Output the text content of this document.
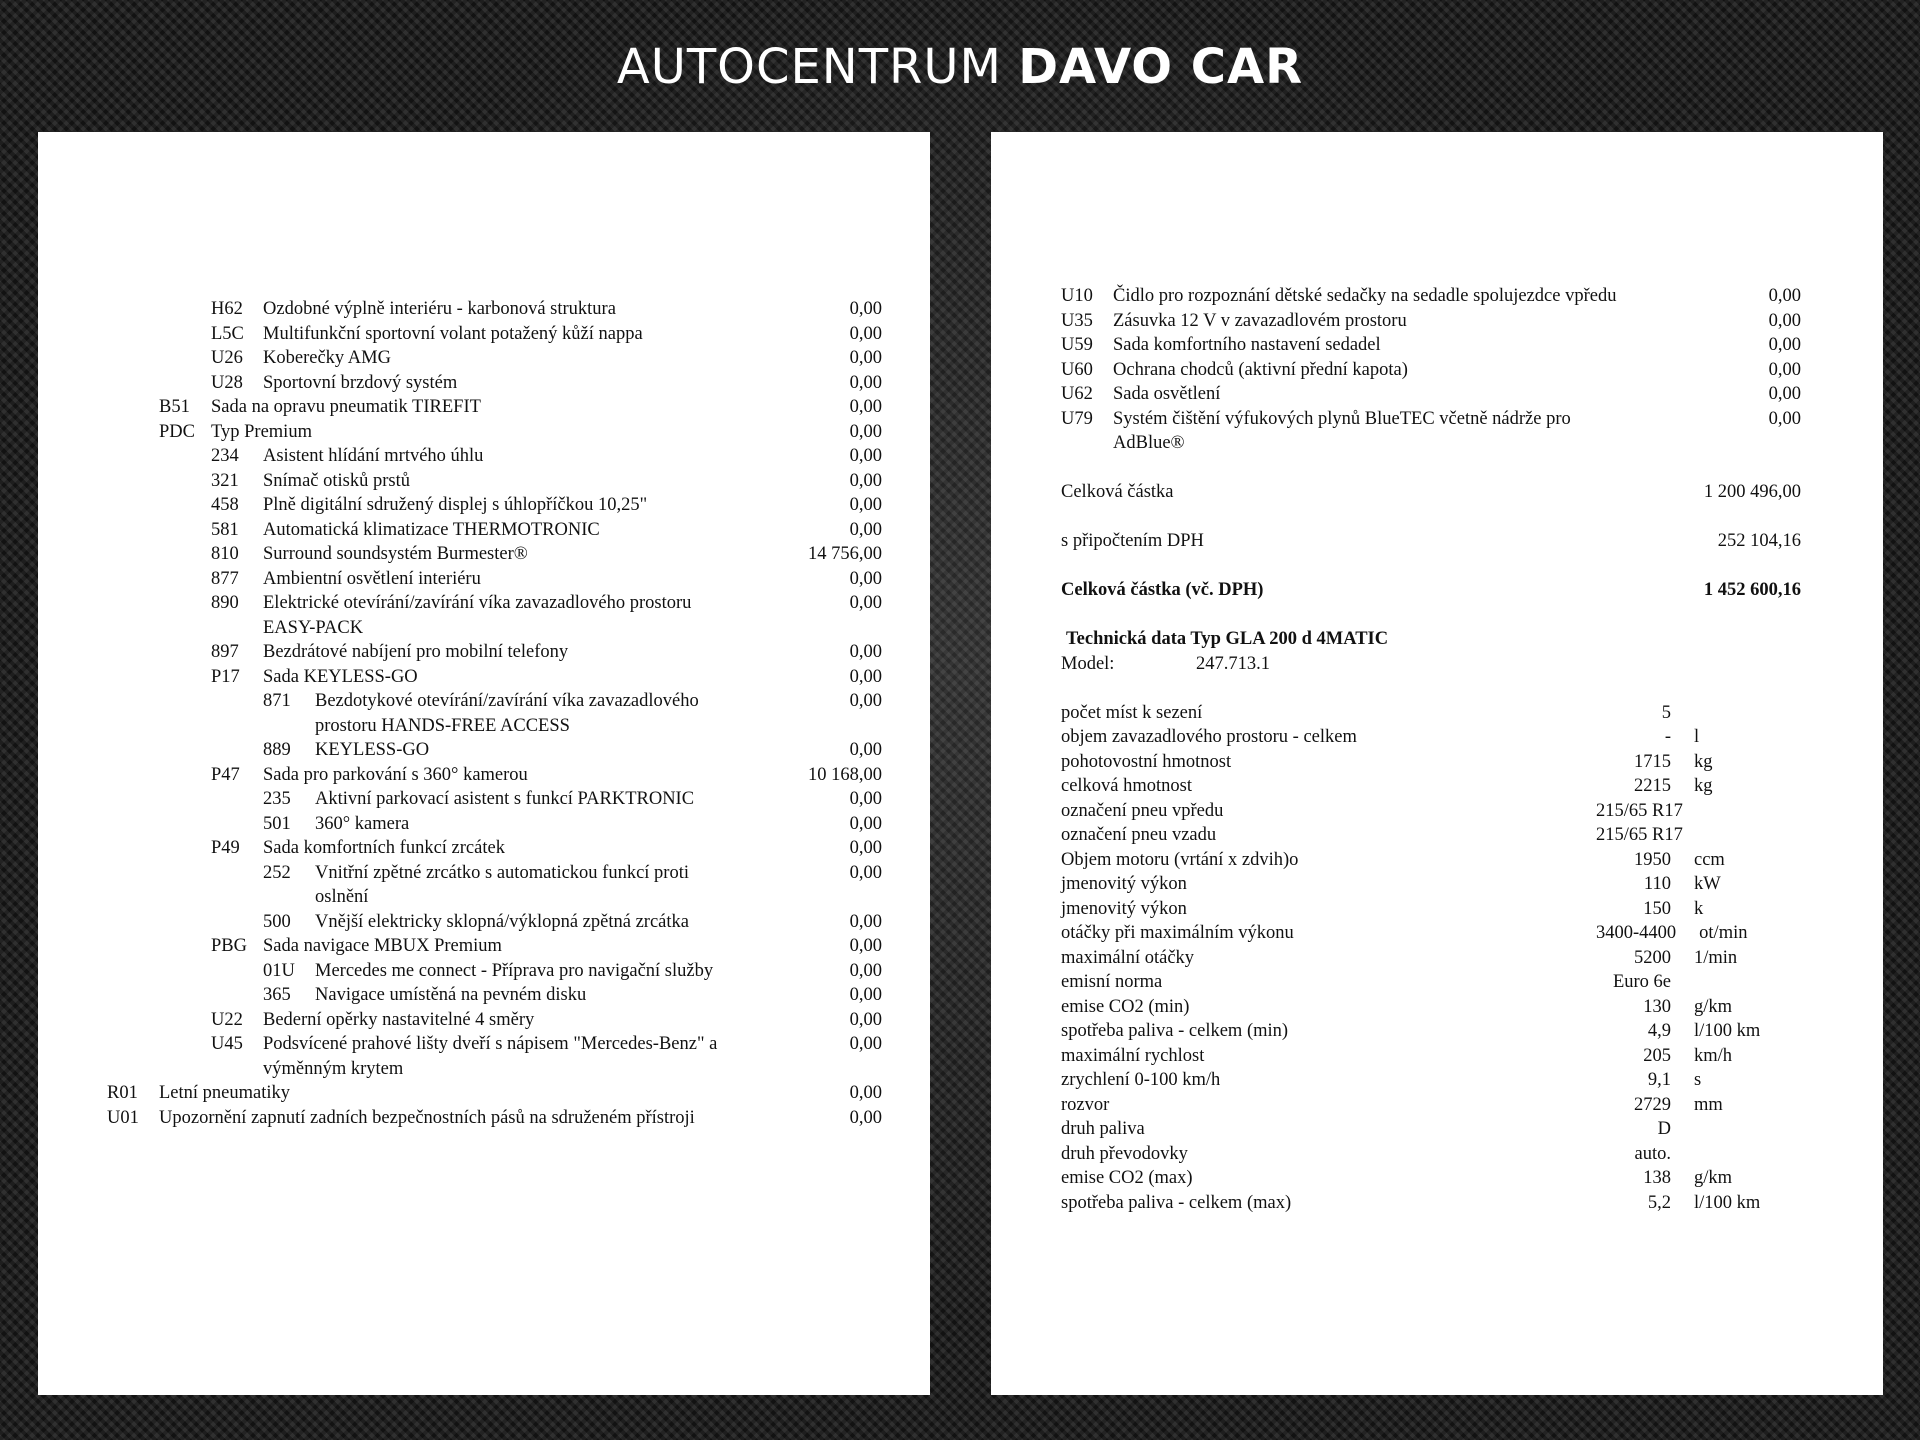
AUTOCENTRUM DAVO CAR
H62	Ozdobné výplně interiéru - karbonová struktura	0,00
L5C	Multifunkční sportovní volant potažený kůží nappa	0,00
U26	Koberečky AMG	0,00
U28	Sportovní brzdový systém	0,00
B51	Sada na opravu pneumatik TIREFIT	0,00
PDC Typ Premium	0,00
234	Asistent hlídání mrtvého úhlu	0,00
321	Snímač otisků prstů	0,00
458	Plně digitální sdružený displej s úhlopříčkou 10,25"	0,00
581	Automatická klimatizace THERMOTRONIC	0,00
810	Surround soundsystém Burmester®	14 756,00
877	Ambientní osvětlení interiéru	0,00
890	Elektrické otevírání/zavírání víka zavazadlového prostoru EASY-PACK
0,00
897	Bezdrátové nabíjení pro mobilní telefony	0,00
P17	Sada KEYLESS-GO	0,00
871	Bezdotykové otevírání/zavírání víka zavazadlového prostoru HANDS-FREE ACCESS
0,00
889	KEYLESS-GO	0,00
P47	Sada pro parkování s 360° kamerou	10 168,00
235	Aktivní parkovací asistent s funkcí PARKTRONIC	0,00
501	360° kamera	0,00
P49	Sada komfortních funkcí zrcátek	0,00
252	Vnitřní zpětné zrcátko s automatickou funkcí proti oslnění
0,00
500	Vnější elektricky sklopná/výklopná zpětná zrcátka	0,00
PBG Sada navigace MBUX Premium	0,00
01U	Mercedes me connect - Příprava pro navigační služby	0,00
365	Navigace umístěná na pevném disku	0,00
U22	Bederní opěrky nastavitelné 4 směry	0,00
U45	Podsvícené prahové lišty dveří s nápisem "Mercedes-Benz" a výměnným krytem
0,00
R01	Letní pneumatiky	0,00
U01	Upozornění zapnutí zadních bezpečnostních pásů na sdruženém přístroji	0,00
U10	Čidlo pro rozpoznání dětské sedačky na sedadle spolujezdce vpředu	0,00
U35	Zásuvka 12 V v zavazadlovém prostoru	0,00
U59	Sada komfortního nastavení sedadel	0,00
U60	Ochrana chodců (aktivní přední kapota)	0,00
U62	Sada osvětlení	0,00
U79	Systém čištění výfukových plynů BlueTEC včetně nádrže pro AdBlue®
0,00
Celková částka	1 200 496,00
s připočtením DPH	252 104,16
Celková částka (vč. DPH)	1 452 600,16
Technická data Typ GLA 200 d 4MATIC
Model:	247.713.1
počet míst k sezení	5
objem zavazadlového prostoru - celkem	-	l
pohotovostní hmotnost	1715	kg
celková hmotnost	2215	kg
označení pneu vpředu	215/65 R17
označení pneu vzadu	215/65 R17
Objem motoru (vrtání x zdvih)o	1950	ccm
jmenovitý výkon	110	kW
jmenovitý výkon	150	k
otáčky při maximálním výkonu	3400-4400	ot/min
maximální otáčky	5200	1/min
emisní norma	Euro 6e
emise CO2 (min)	130	g/km
spotřeba paliva - celkem (min)	4,9	l/100 km
maximální rychlost	205	km/h
zrychlení 0-100 km/h	9,1	s
rozvor	2729	mm
druh paliva	D
druh převodovky	auto.
emise CO2 (max)	138	g/km
spotřeba paliva - celkem (max)	5,2	l/100 km
